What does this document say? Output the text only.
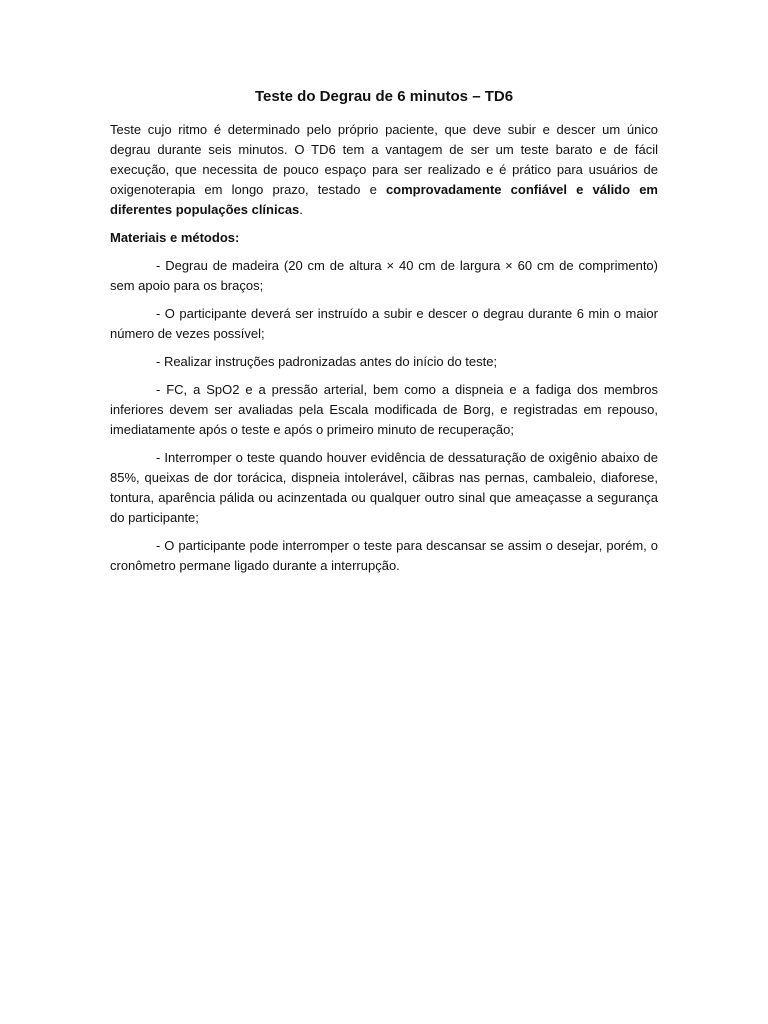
Teste do Degrau de 6 minutos – TD6

Teste cujo ritmo é determinado pelo próprio paciente, que deve subir e descer um único degrau durante seis minutos. O TD6 tem a vantagem de ser um teste barato e de fácil execução, que necessita de pouco espaço para ser realizado e é prático para usuários de oxigenoterapia em longo prazo, testado e comprovadamente confiável e válido em diferentes populações clínicas.

Materiais e métodos:

- Degrau de madeira (20 cm de altura × 40 cm de largura × 60 cm de comprimento) sem apoio para os braços;

- O participante deverá ser instruído a subir e descer o degrau durante 6 min o maior número de vezes possível;

- Realizar instruções padronizadas antes do início do teste;

- FC, a SpO2 e a pressão arterial, bem como a dispneia e a fadiga dos membros inferiores devem ser avaliadas pela Escala modificada de Borg, e registradas em repouso, imediatamente após o teste e após o primeiro minuto de recuperação;

- Interromper o teste quando houver evidência de dessaturação de oxigênio abaixo de 85%, queixas de dor torácica, dispneia intolerável, cãibras nas pernas, cambaleio, diaforese, tontura, aparência pálida ou acinzentada ou qualquer outro sinal que ameaçasse a segurança do participante;

- O participante pode interromper o teste para descansar se assim o desejar, porém, o cronômetro permane ligado durante a interrupção.
